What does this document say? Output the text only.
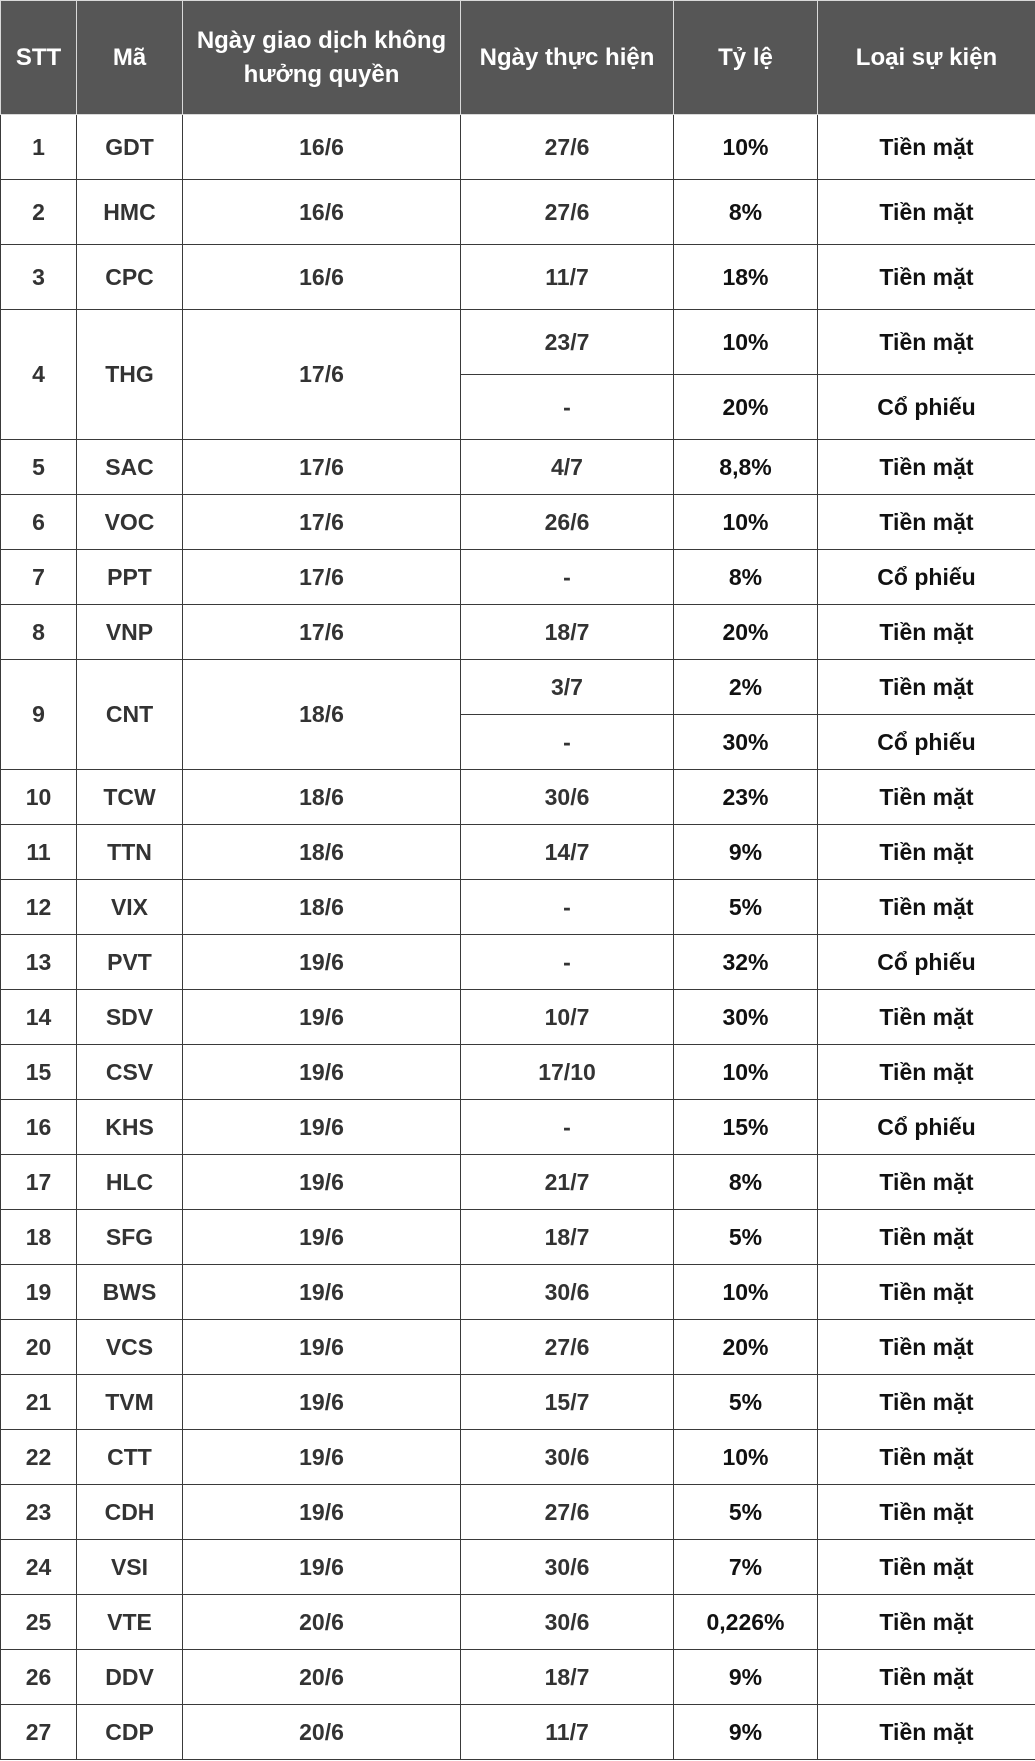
STT	Mã	Ngày giao dịch không hưởng quyền	Ngày thực hiện	Tỷ lệ	Loại sự kiện
1	GDT	16/6	27/6	10%	Tiền mặt
2	HMC	16/6	27/6	8%	Tiền mặt
3	CPC	16/6	11/7	18%	Tiền mặt
4	THG	17/6	23/7	10%	Tiền mặt
			-	20%	Cổ phiếu
5	SAC	17/6	4/7	8,8%	Tiền mặt
6	VOC	17/6	26/6	10%	Tiền mặt
7	PPT	17/6	-	8%	Cổ phiếu
8	VNP	17/6	18/7	20%	Tiền mặt
9	CNT	18/6	3/7	2%	Tiền mặt
			-	30%	Cổ phiếu
10	TCW	18/6	30/6	23%	Tiền mặt
11	TTN	18/6	14/7	9%	Tiền mặt
12	VIX	18/6	-	5%	Tiền mặt
13	PVT	19/6	-	32%	Cổ phiếu
14	SDV	19/6	10/7	30%	Tiền mặt
15	CSV	19/6	17/10	10%	Tiền mặt
16	KHS	19/6	-	15%	Cổ phiếu
17	HLC	19/6	21/7	8%	Tiền mặt
18	SFG	19/6	18/7	5%	Tiền mặt
19	BWS	19/6	30/6	10%	Tiền mặt
20	VCS	19/6	27/6	20%	Tiền mặt
21	TVM	19/6	15/7	5%	Tiền mặt
22	CTT	19/6	30/6	10%	Tiền mặt
23	CDH	19/6	27/6	5%	Tiền mặt
24	VSI	19/6	30/6	7%	Tiền mặt
25	VTE	20/6	30/6	0,226%	Tiền mặt
26	DDV	20/6	18/7	9%	Tiền mặt
27	CDP	20/6	11/7	9%	Tiền mặt
